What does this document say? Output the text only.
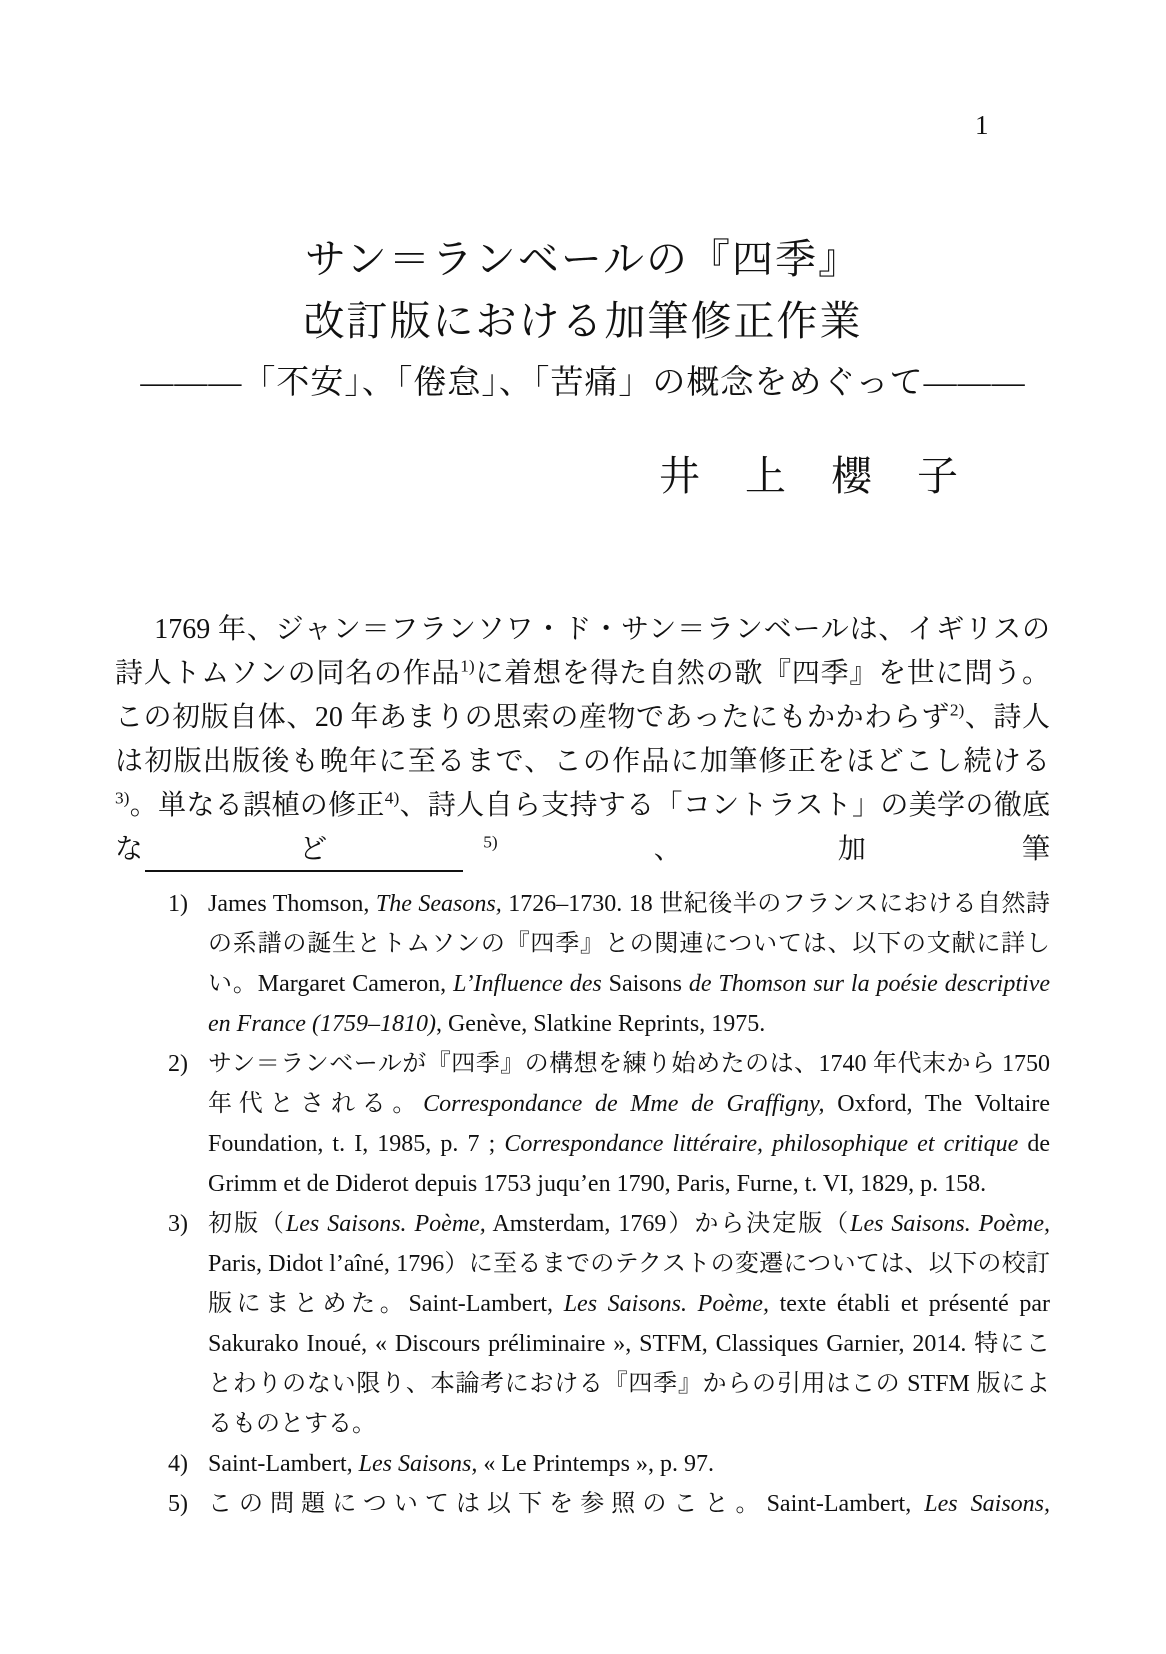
1
サン＝ランベールの『四季』
改訂版における加筆修正作業
———「不安」、「倦怠」、「苦痛」の概念をめぐって———
井　上　櫻　子

1769 年、ジャン＝フランソワ・ド・サン＝ランベールは、イギリスの詩人トムソンの同名の作品$^{1)}$に着想を得た自然の歌『四季』を世に問う。この初版自体、20 年あまりの思索の産物であったにもかかわらず$^{2)}$、詩人は初版出版後も晩年に至るまで、この作品に加筆修正をほどこし続ける$^{3)}$。単なる誤植の修正$^{4)}$、詩人自ら支持する「コントラスト」の美学の徹底など$^{5)}$、加筆

1) James Thomson, The Seasons, 1726–1730. 18 世紀後半のフランスにおける自然詩の系譜の誕生とトムソンの『四季』との関連については、以下の文献に詳しい。Margaret Cameron, L’Influence des Saisons de Thomson sur la poésie descriptive en France (1759–1810), Genève, Slatkine Reprints, 1975.
2) サン＝ランベールが『四季』の構想を練り始めたのは、1740 年代末から 1750 年代とされる。Correspondance de Mme de Graffigny, Oxford, The Voltaire Foundation, t. I, 1985, p. 7 ; Correspondance littéraire, philosophique et critique de Grimm et de Diderot depuis 1753 juqu’en 1790, Paris, Furne, t. VI, 1829, p. 158.
3) 初版（Les Saisons. Poème, Amsterdam, 1769）から決定版（Les Saisons. Poème, Paris, Didot l’aîné, 1796）に至るまでのテクストの変遷については、以下の校訂版にまとめた。Saint-Lambert, Les Saisons. Poème, texte établi et présenté par Sakurako Inoué, « Discours préliminaire », STFM, Classiques Garnier, 2014. 特にことわりのない限り、本論考における『四季』からの引用はこの STFM 版によるものとする。
4) Saint-Lambert, Les Saisons, « Le Printemps », p. 97.
5) この問題については以下を参照のこと。Saint-Lambert, Les Saisons,
